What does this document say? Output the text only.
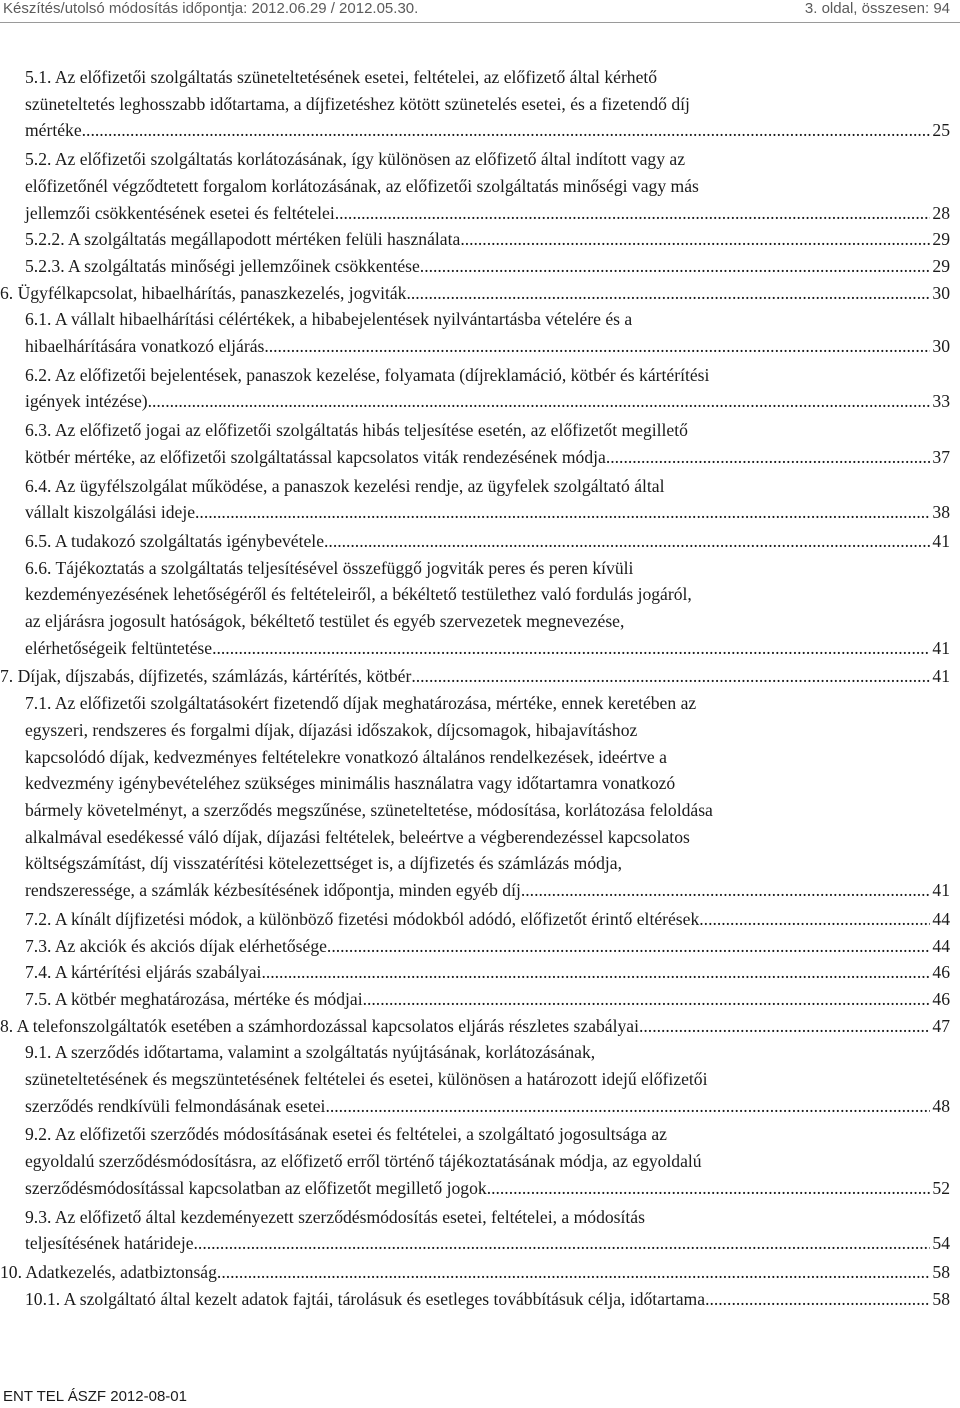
Készítés/utolsó módosítás időpontja: 2012.06.29 / 2012.05.30.	3. oldal, összesen: 94
5.1. Az előfizetői szolgáltatás szüneteltetésének esetei, feltételei, az előfizető által kérhető
szüneteltetés leghosszabb időtartama, a díjfizetéshez kötött szünetelés esetei, és a fizetendő díj
mértéke .....	25
5.2. Az előfizetői szolgáltatás korlátozásának, így különösen az előfizető által indított vagy az
előfizetőnél végződtetett forgalom korlátozásának, az előfizetői szolgáltatás minőségi vagy más
jellemzői csökkentésének esetei és feltételei .....	28
5.2.2. A szolgáltatás megállapodott mértéken felüli használata .....	29
5.2.3. A szolgáltatás minőségi jellemzőinek csökkentése .....	29
6. Ügyfélkapcsolat, hibaelhárítás, panaszkezelés, jogviták .....	30
6.1. A vállalt hibaelhárítási célértékek, a hibabejelentések nyilvántartásba vételére és a
hibaelhárítására vonatkozó eljárás .....	30
6.2. Az előfizetői bejelentések, panaszok kezelése, folyamata (díjreklamáció, kötbér és kártérítési
igények intézése) .....	33
6.3. Az előfizető jogai az előfizetői szolgáltatás hibás teljesítése esetén, az előfizetőt megillető
kötbér mértéke, az előfizetői szolgáltatással kapcsolatos viták rendezésének módja .....	37
6.4. Az ügyfélszolgálat működése, a panaszok kezelési rendje, az ügyfelek szolgáltató által
vállalt kiszolgálási ideje .....	38
6.5. A tudakozó szolgáltatás igénybevétele .....	41
6.6. Tájékoztatás a szolgáltatás teljesítésével összefüggő jogviták peres és peren kívüli
kezdeményezésének lehetőségéről és feltételeiről, a békéltető testülethez való fordulás jogáról,
az eljárásra jogosult hatóságok, békéltető testület és egyéb szervezetek megnevezése,
elérhetőségeik feltüntetése .....	41
7. Díjak, díjszabás, díjfizetés, számlázás, kártérítés, kötbér .....	41
7.1. Az előfizetői szolgáltatásokért fizetendő díjak meghatározása, mértéke, ennek keretében az
egyszeri, rendszeres és forgalmi díjak, díjazási időszakok, díjcsomagok, hibajavításhoz
kapcsolódó díjak, kedvezményes feltételekre vonatkozó általános rendelkezések, ideértve a
kedvezmény igénybevételéhez szükséges minimális használatra vagy időtartamra vonatkozó
bármely követelményt, a szerződés megszűnése, szüneteltetése, módosítása, korlátozása feloldása
alkalmával esedékessé váló díjak, díjazási feltételek, beleértve a végberendezéssel kapcsolatos
költségszámítást, díj visszatérítési kötelezettséget is, a díjfizetés és számlázás módja,
rendszeressége, a számlák kézbesítésének időpontja, minden egyéb díj .....	41
7.2. A kínált díjfizetési módok, a különböző fizetési módokból adódó, előfizetőt érintő eltérések .....	44
7.3. Az akciók és akciós díjak elérhetősége .....	44
7.4. A kártérítési eljárás szabályai .....	46
7.5. A kötbér meghatározása, mértéke és módjai .....	46
8. A telefonszolgáltatók esetében a számhordozással kapcsolatos eljárás részletes szabályai .....	47
9.1. A szerződés időtartama, valamint a szolgáltatás nyújtásának, korlátozásának,
szüneteltetésének és megszüntetésének feltételei és esetei, különösen a határozott idejű előfizetői
szerződés rendkívüli felmondásának esetei .....	48
9.2. Az előfizetői szerződés módosításának esetei és feltételei, a szolgáltató jogosultsága az
egyoldalú szerződésmódosításra, az előfizető erről történő tájékoztatásának módja, az egyoldalú
szerződésmódosítással kapcsolatban az előfizetőt megillető jogok .....	52
9.3. Az előfizető által kezdeményezett szerződésmódosítás esetei, feltételei, a módosítás
teljesítésének határideje .....	54
10. Adatkezelés, adatbiztonság .....	58
10.1. A szolgáltató által kezelt adatok fajtái, tárolásuk és esetleges továbbításuk célja, időtartama .....	58
ENT TEL ÁSZF 2012-08-01
